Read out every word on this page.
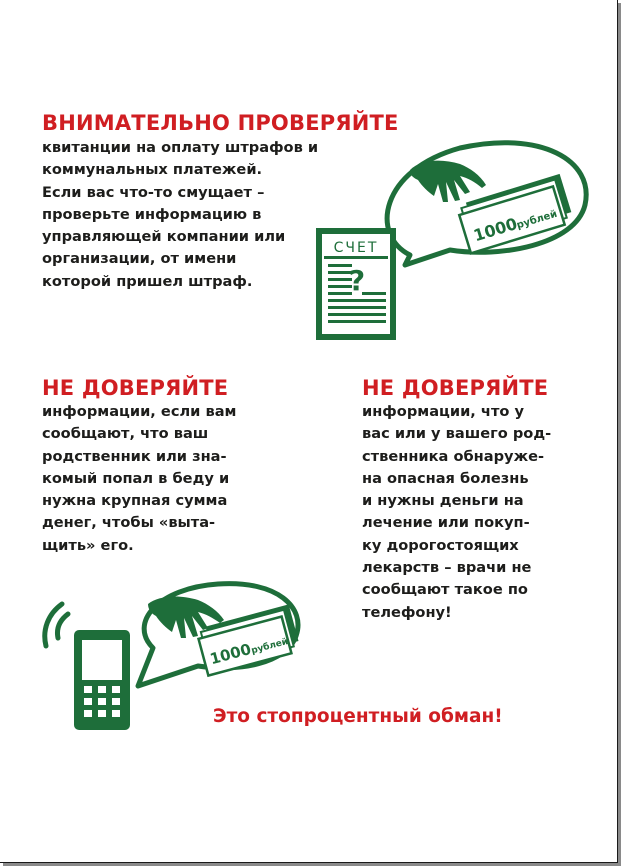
ВНИМАТЕЛЬНО ПРОВЕРЯЙТЕ
квитанции на оплату штрафов и
коммунальных платежей.
Если вас что-то смущает –
проверьте информацию в
управляющей компании или
организации, от имени
которой пришел штраф.
1000
рублей
СЧЕТ
?
НЕ ДОВЕРЯЙТЕ
информации, если вам
сообщают, что ваш
родственник или зна-
комый попал в беду и
нужна крупная сумма
денег, чтобы «выта-
щить» его.
НЕ ДОВЕРЯЙТЕ
информации, что у
вас или у вашего род-
ственника обнаруже-
на опасная болезнь
и нужны деньги на
лечение или покуп-
ку дорогостоящих
лекарств – врачи не
сообщают такое по
телефону!
1000
рублей
Это стопроцентный обман!
